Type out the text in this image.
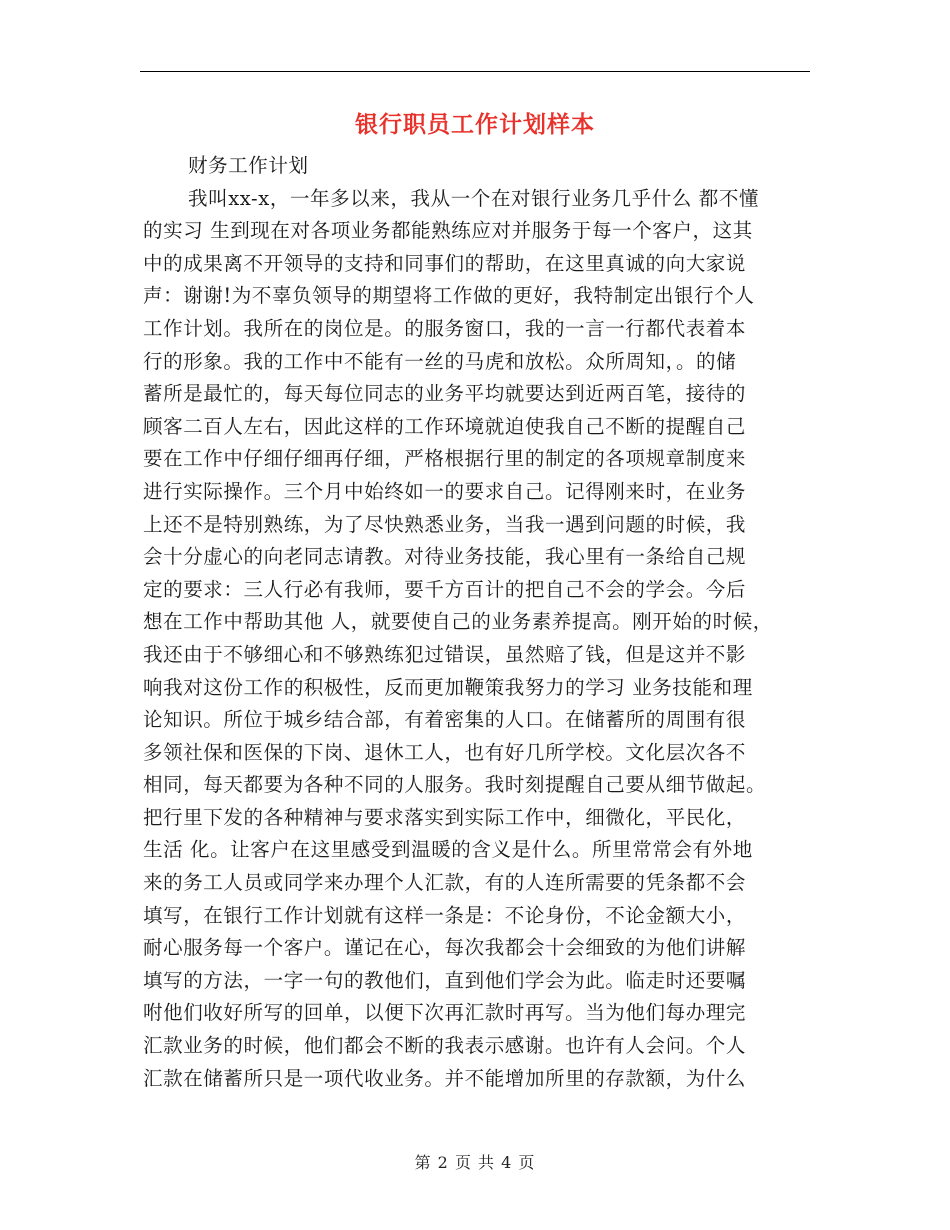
银行职员工作计划样本
财务工作计划
我叫xx-x，一年多以来，我从一个在对银行业务几乎什么 都不懂
的实习 生到现在对各项业务都能熟练应对并服务于每一个客户，这其
中的成果离不开领导的支持和同事们的帮助，在这里真诚的向大家说
声：谢谢!为不辜负领导的期望将工作做的更好，我特制定出银行个人
工作计划。我所在的岗位是。的服务窗口，我的一言一行都代表着本
行的形象。我的工作中不能有一丝的马虎和放松。众所周知，。的储
蓄所是最忙的，每天每位同志的业务平均就要达到近两百笔，接待的
顾客二百人左右，因此这样的工作环境就迫使我自己不断的提醒自己
要在工作中仔细仔细再仔细，严格根据行里的制定的各项规章制度来
进行实际操作。三个月中始终如一的要求自己。记得刚来时，在业务
上还不是特别熟练，为了尽快熟悉业务，当我一遇到问题的时候，我
会十分虚心的向老同志请教。对待业务技能，我心里有一条给自己规
定的要求：三人行必有我师，要千方百计的把自己不会的学会。今后
想在工作中帮助其他 人，就要使自己的业务素养提高。刚开始的时候，
我还由于不够细心和不够熟练犯过错误，虽然赔了钱，但是这并不影
响我对这份工作的积极性，反而更加鞭策我努力的学习 业务技能和理
论知识。所位于城乡结合部，有着密集的人口。在储蓄所的周围有很
多领社保和医保的下岗、退休工人，也有好几所学校。文化层次各不
相同，每天都要为各种不同的人服务。我时刻提醒自己要从细节做起。
把行里下发的各种精神与要求落实到实际工作中，细微化，平民化，
生活 化。让客户在这里感受到温暖的含义是什么。所里常常会有外地
来的务工人员或同学来办理个人汇款，有的人连所需要的凭条都不会
填写，在银行工作计划就有这样一条是：不论身份，不论金额大小，
耐心服务每一个客户。谨记在心，每次我都会十会细致的为他们讲解
填写的方法，一字一句的教他们，直到他们学会为此。临走时还要嘱
咐他们收好所写的回单，以便下次再汇款时再写。当为他们每办理完
汇款业务的时候，他们都会不断的我表示感谢。也许有人会问。个人
汇款在储蓄所只是一项代收业务。并不能增加所里的存款额，为什么
第 2 页 共 4 页
